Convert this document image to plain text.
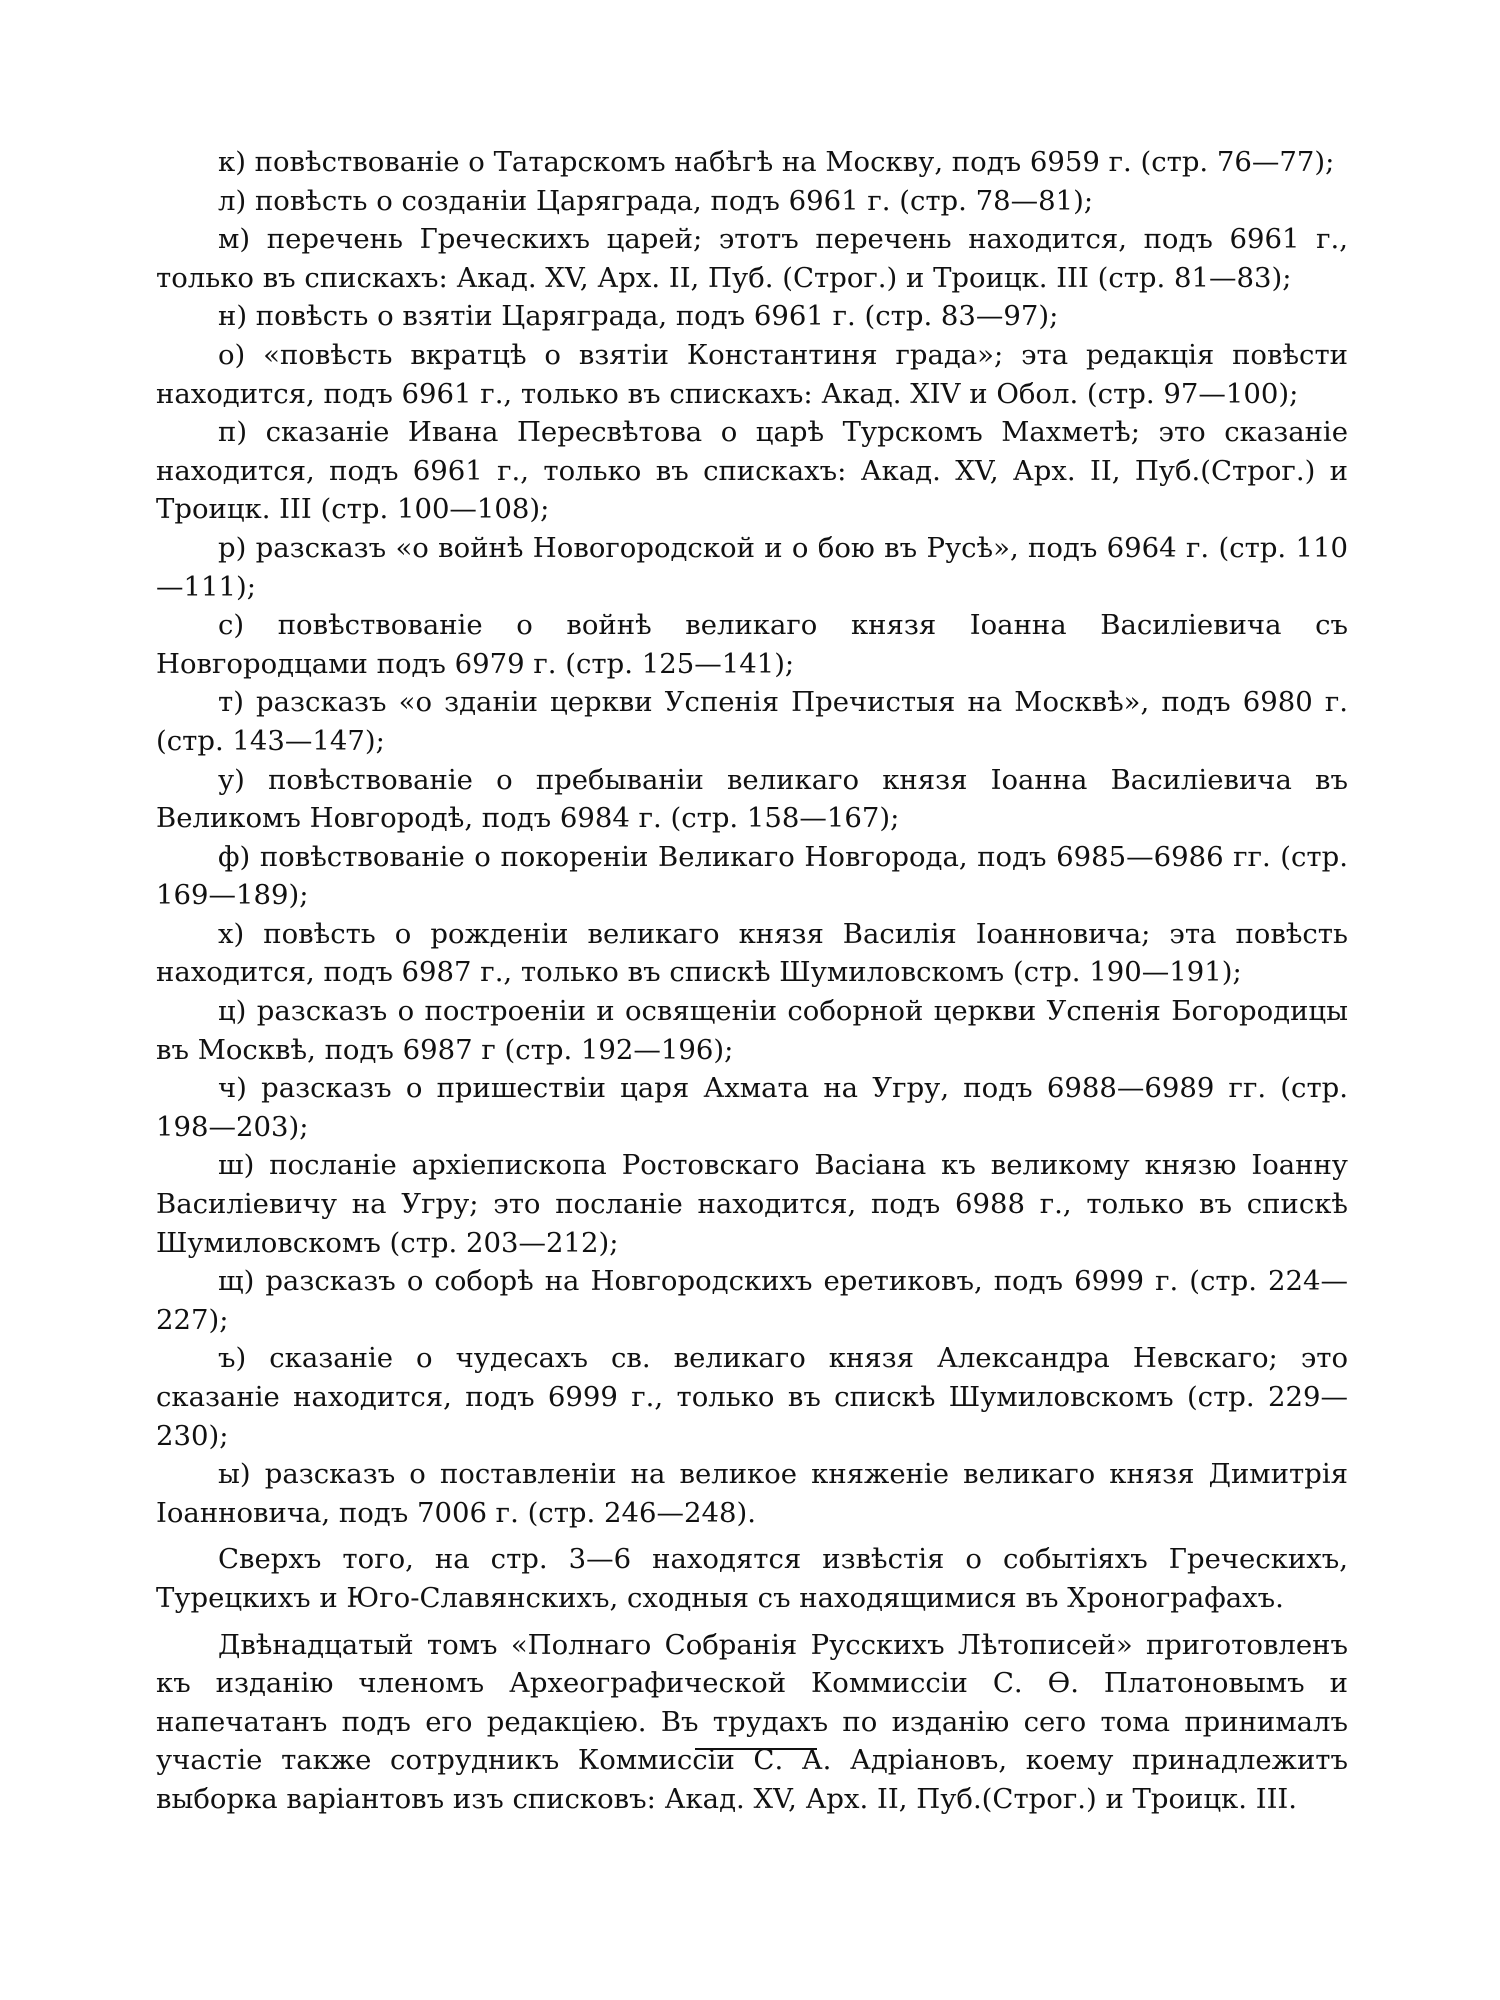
к) повѣствованіе о Татарскомъ набѣгѣ на Москву, подъ 6959 г. (стр. 76—77);

л) повѣсть о созданіи Царяграда, подъ 6961 г. (стр. 78—81);

м) перечень Греческихъ царей; этотъ перечень находится, подъ 6961 г., только въ спискахъ: Акад. XV, Арх. II, Пуб. (Строг.) и Троицк. III (стр. 81—83);

н) повѣсть о взятіи Царяграда, подъ 6961 г. (стр. 83—97);

о) «повѣсть вкратцѣ о взятіи Константиня града»; эта редакція повѣсти находится, подъ 6961 г., только въ спискахъ: Акад. XIV и Обол. (стр. 97—100);

п) сказаніе Ивана Пересвѣтова о царѣ Турскомъ Махметѣ; это сказаніе находится, подъ 6961 г., только въ спискахъ: Акад. XV, Арх. II, Пуб.(Строг.) и Троицк. III (стр. 100—108);

р) разсказъ «о войнѣ Новогородской и о бою въ Русѣ», подъ 6964 г. (стр. 110—111);

с) повѣствованіе о войнѣ великаго князя Іоанна Василіевича съ Новгородцами подъ 6979 г. (стр. 125—141);

т) разсказъ «о зданіи церкви Успенія Пречистыя на Москвѣ», подъ 6980 г. (стр. 143—147);

у) повѣствованіе о пребываніи великаго князя Іоанна Василіевича въ Великомъ Новгородѣ, подъ 6984 г. (стр. 158—167);

ф) повѣствованіе о покореніи Великаго Новгорода, подъ 6985—6986 гг. (стр. 169—189);

х) повѣсть о рожденіи великаго князя Василія Іоанновича; эта повѣсть находится, подъ 6987 г., только въ спискѣ Шумиловскомъ (стр. 190—191);

ц) разсказъ о построеніи и освященіи соборной церкви Успенія Богородицы въ Москвѣ, подъ 6987 г (стр. 192—196);

ч) разсказъ о пришествіи царя Ахмата на Угру, подъ 6988—6989 гг. (стр. 198—203);

ш) посланіе архіепископа Ростовскаго Васіана къ великому князю Іоанну Василіевичу на Угру; это посланіе находится, подъ 6988 г., только въ спискѣ Шумиловскомъ (стр. 203—212);

щ) разсказъ о соборѣ на Новгородскихъ еретиковъ, подъ 6999 г. (стр. 224—227);

ъ) сказаніе о чудесахъ св. великаго князя Александра Невскаго; это сказаніе находится, подъ 6999 г., только въ спискѣ Шумиловскомъ (стр. 229—230);

ы) разсказъ о поставленіи на великое княженіе великаго князя Димитрія Іоанновича, подъ 7006 г. (стр. 246—248).

Сверхъ того, на стр. 3—6 находятся извѣстія о событіяхъ Греческихъ, Турецкихъ и Юго-Славянскихъ, сходныя съ находящимися въ Хронографахъ.

Двѣнадцатый томъ «Полнаго Собранія Русскихъ Лѣтописей» приготовленъ къ изданію членомъ Археографической Коммиссіи С. Ѳ. Платоновымъ и напечатанъ подъ его редакціею. Въ трудахъ по изданію сего тома принималъ участіе также сотрудникъ Коммиссіи С. А. Адріановъ, коему принадлежитъ выборка варіантовъ изъ списковъ: Акад. XV, Арх. II, Пуб.(Строг.) и Троицк. III.
